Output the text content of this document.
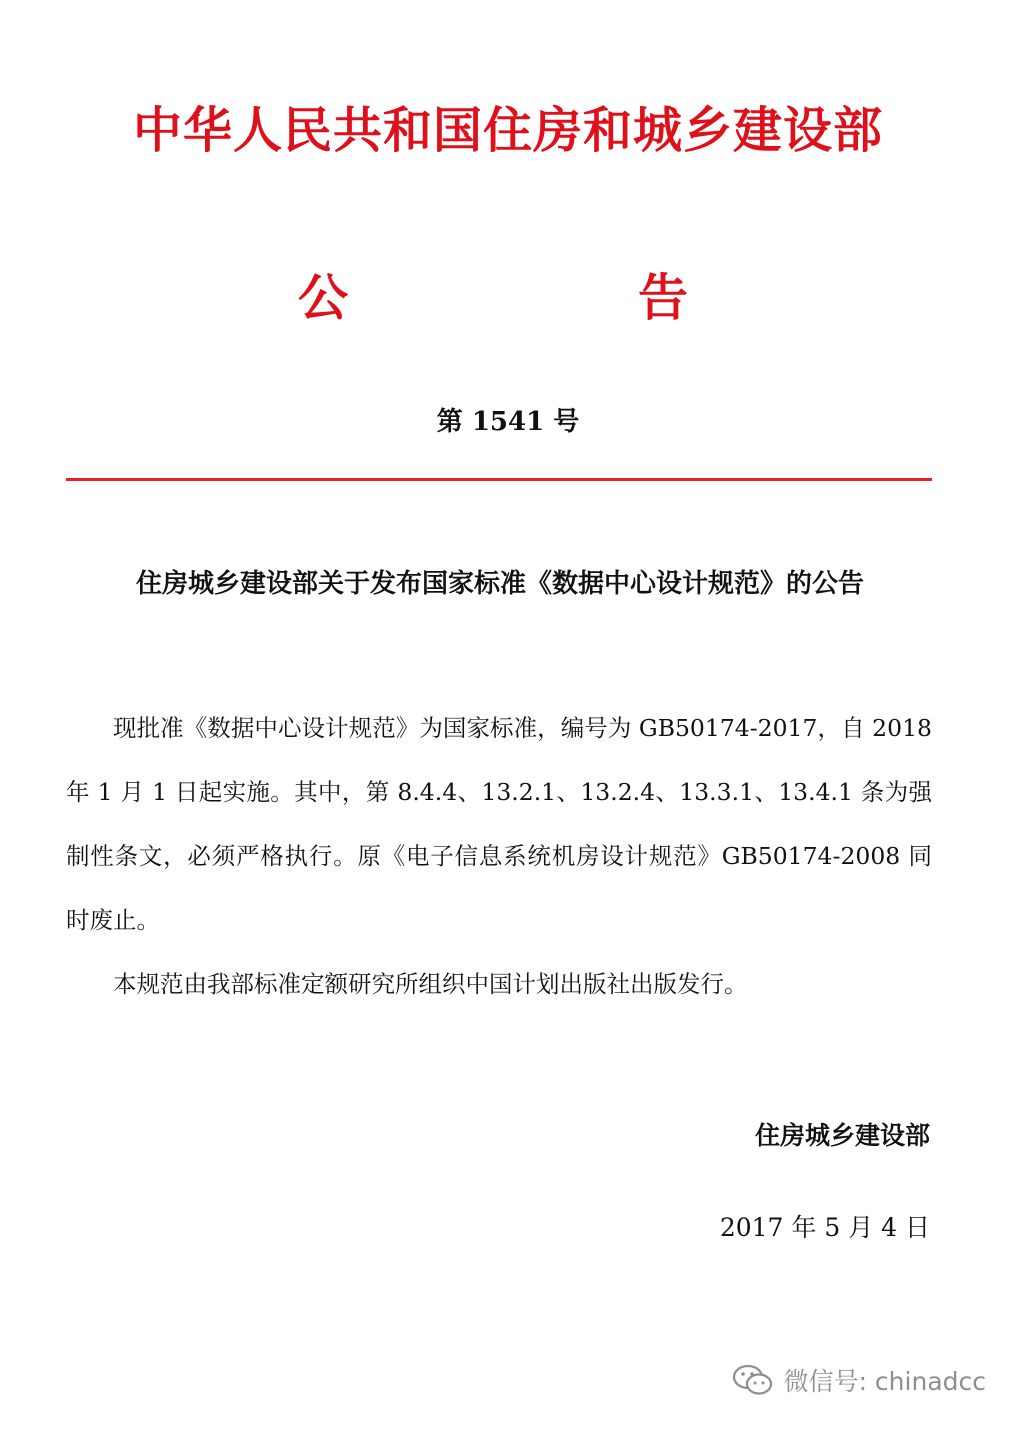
中华人民共和国住房和城乡建设部
公	告
第 1541 号
住房城乡建设部关于发布国家标准《数据中心设计规范》的公告

现批准《数据中心设计规范》为国家标准，编号为 GB50174-2017，自 2018 年 1 月 1 日起实施。其中，第 8.4.4、13.2.1、13.2.4、13.3.1、13.4.1 条为强制性条文，必须严格执行。原《电子信息系统机房设计规范》GB50174-2008 同时废止。

本规范由我部标准定额研究所组织中国计划出版社出版发行。

住房城乡建设部
2017 年 5 月 4 日
微信号: chinadcc
